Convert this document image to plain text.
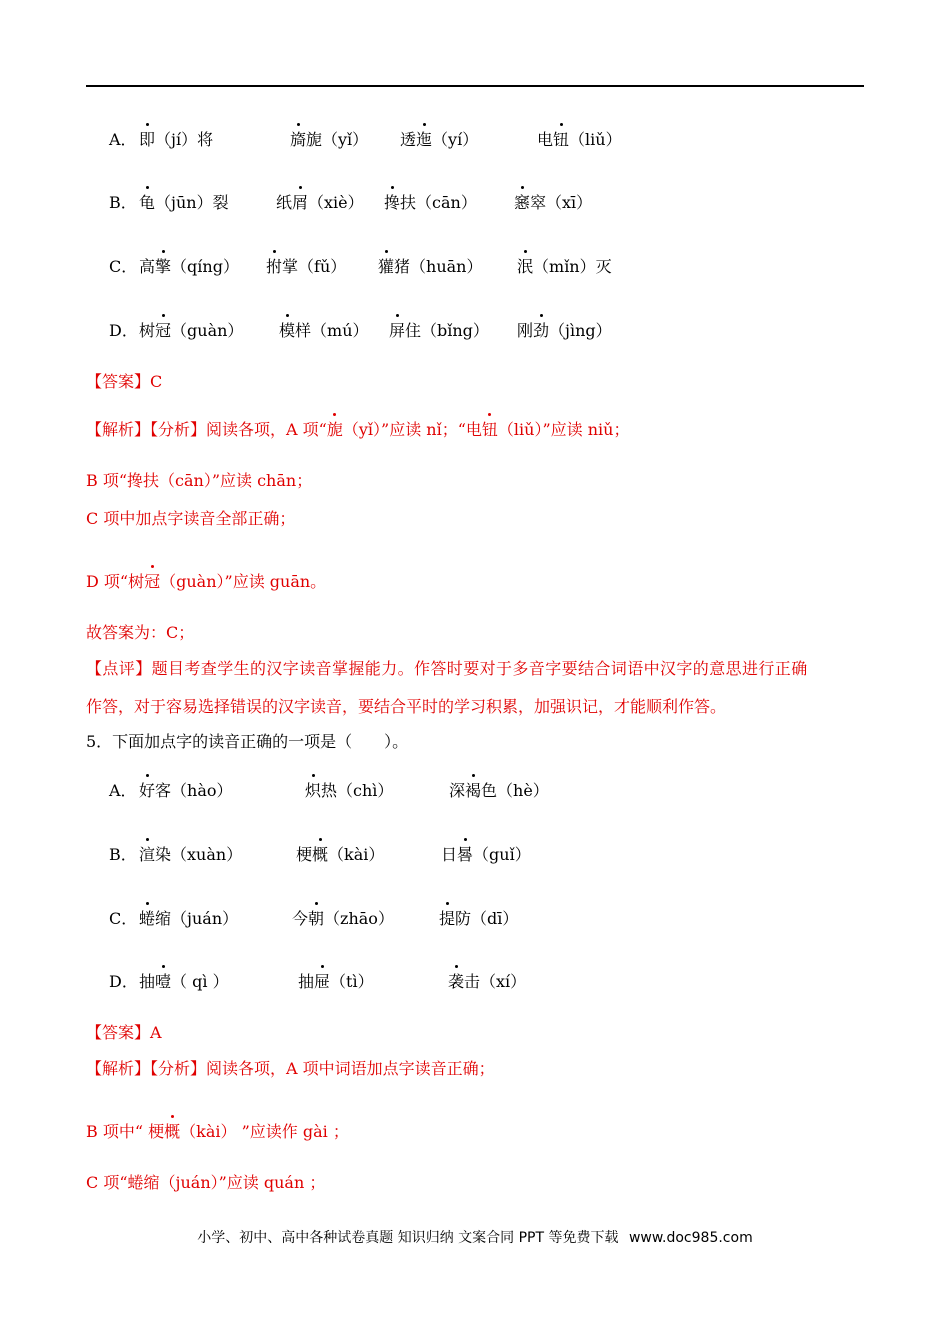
A． 即（jí）将	旖旎（yǐ） 透迤（yí）	电钮（liǔ）
B． 龟（jūn）裂	纸屑（xiè） 搀扶（cān） 窸窣（xī）
C． 高擎（qíng） 拊掌（fǔ） 獾猪（huān） 泯（mǐn）灭
D． 树冠（guàn） 模样（mú） 屏住（bǐng） 刚劲（jìng）
【答案】C
【解析】【分析】阅读各项，A 项“旎（yǐ）”应读 nǐ；“电钮（liǔ）”应读 niǔ；
B 项“搀扶（cān）”应读 chān；
C 项中加点字读音全部正确；
D 项“树冠（guàn）”应读 guān。
故答案为：C；
【点评】题目考查学生的汉字读音掌握能力。作答时要对于多音字要结合词语中汉字的意思进行正确
作答，对于容易选择错误的汉字读音，要结合平时的学习积累，加强识记，才能顺利作答。
5．下面加点字的读音正确的一项是（　　）。
A． 好客（hào）	炽热（chì）	深褐色（hè）
B． 渲染（xuàn）	梗概（kài）	日晷（guǐ）
C． 蜷缩（juán）	今朝（zhāo）	提防（dī）
D． 抽噎（ qì ）	抽屉（tì）	袭击（xí）
【答案】A
【解析】【分析】阅读各项，A 项中词语加点字读音正确；
B 项中“ 梗概（kài） ”应读作 gài ；
C 项“蜷缩（juán）”应读 quán ；
小学、初中、高中各种试卷真题 知识归纳 文案合同 PPT 等免费下载 www.doc985.com
